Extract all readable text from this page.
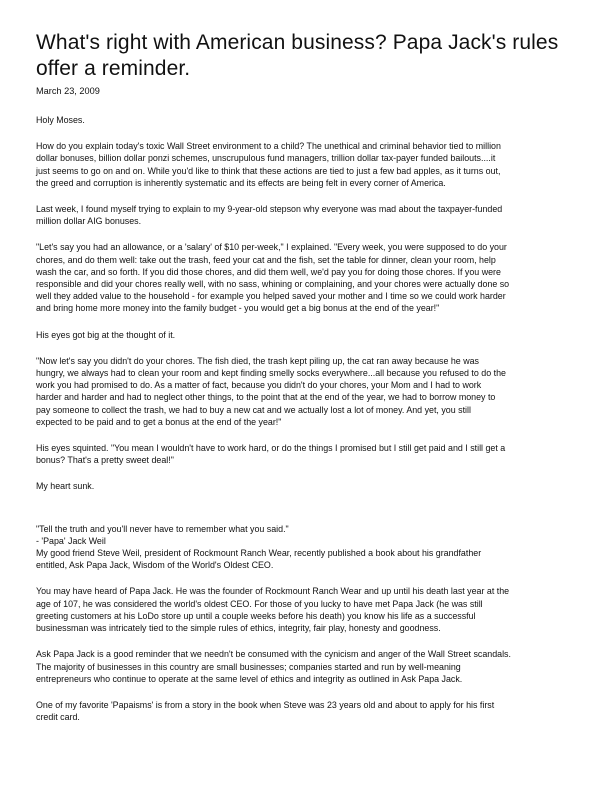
What's right with American business? Papa Jack's rules
offer a reminder.
March 23, 2009
Holy Moses.
How do you explain today's toxic Wall Street environment to a child? The unethical and criminal behavior tied to million
dollar bonuses, billion dollar ponzi schemes, unscrupulous fund managers, trillion dollar tax-payer funded bailouts....it
just seems to go on and on. While you'd like to think that these actions are tied to just a few bad apples, as it turns out,
the greed and corruption is inherently systematic and its effects are being felt in every corner of America.
Last week, I found myself trying to explain to my 9-year-old stepson why everyone was mad about the taxpayer-funded
million dollar AIG bonuses.
"Let's say you had an allowance, or a 'salary' of $10 per-week," I explained. "Every week, you were supposed to do your
chores, and do them well: take out the trash, feed your cat and the fish, set the table for dinner, clean your room, help
wash the car, and so forth. If you did those chores, and did them well, we'd pay you for doing those chores. If you were
responsible and did your chores really well, with no sass, whining or complaining, and your chores were actually done so
well they added value to the household - for example you helped saved your mother and I time so we could work harder
and bring home more money into the family budget - you would get a big bonus at the end of the year!"
His eyes got big at the thought of it.
"Now let's say you didn't do your chores. The fish died, the trash kept piling up, the cat ran away because he was
hungry, we always had to clean your room and kept finding smelly socks everywhere...all because you refused to do the
work you had promised to do. As a matter of fact, because you didn't do your chores, your Mom and I had to work
harder and harder and had to neglect other things, to the point that at the end of the year, we had to borrow money to
pay someone to collect the trash, we had to buy a new cat and we actually lost a lot of money. And yet, you still
expected to be paid and to get a bonus at the end of the year!"
His eyes squinted. "You mean I wouldn't have to work hard, or do the things I promised but I still get paid and I still get a
bonus? That's a pretty sweet deal!"
My heart sunk.
"Tell the truth and you'll never have to remember what you said."
- 'Papa' Jack Weil
My good friend Steve Weil, president of Rockmount Ranch Wear, recently published a book about his grandfather
entitled, Ask Papa Jack, Wisdom of the World's Oldest CEO.
You may have heard of Papa Jack. He was the founder of Rockmount Ranch Wear and up until his death last year at the
age of 107, he was considered the world's oldest CEO. For those of you lucky to have met Papa Jack (he was still
greeting customers at his LoDo store up until a couple weeks before his death) you know his life as a successful
businessman was intricately tied to the simple rules of ethics, integrity, fair play, honesty and goodness.
Ask Papa Jack is a good reminder that we needn't be consumed with the cynicism and anger of the Wall Street scandals.
The majority of businesses in this country are small businesses; companies started and run by well-meaning
entrepreneurs who continue to operate at the same level of ethics and integrity as outlined in Ask Papa Jack.
One of my favorite 'Papaisms' is from a story in the book when Steve was 23 years old and about to apply for his first
credit card.
